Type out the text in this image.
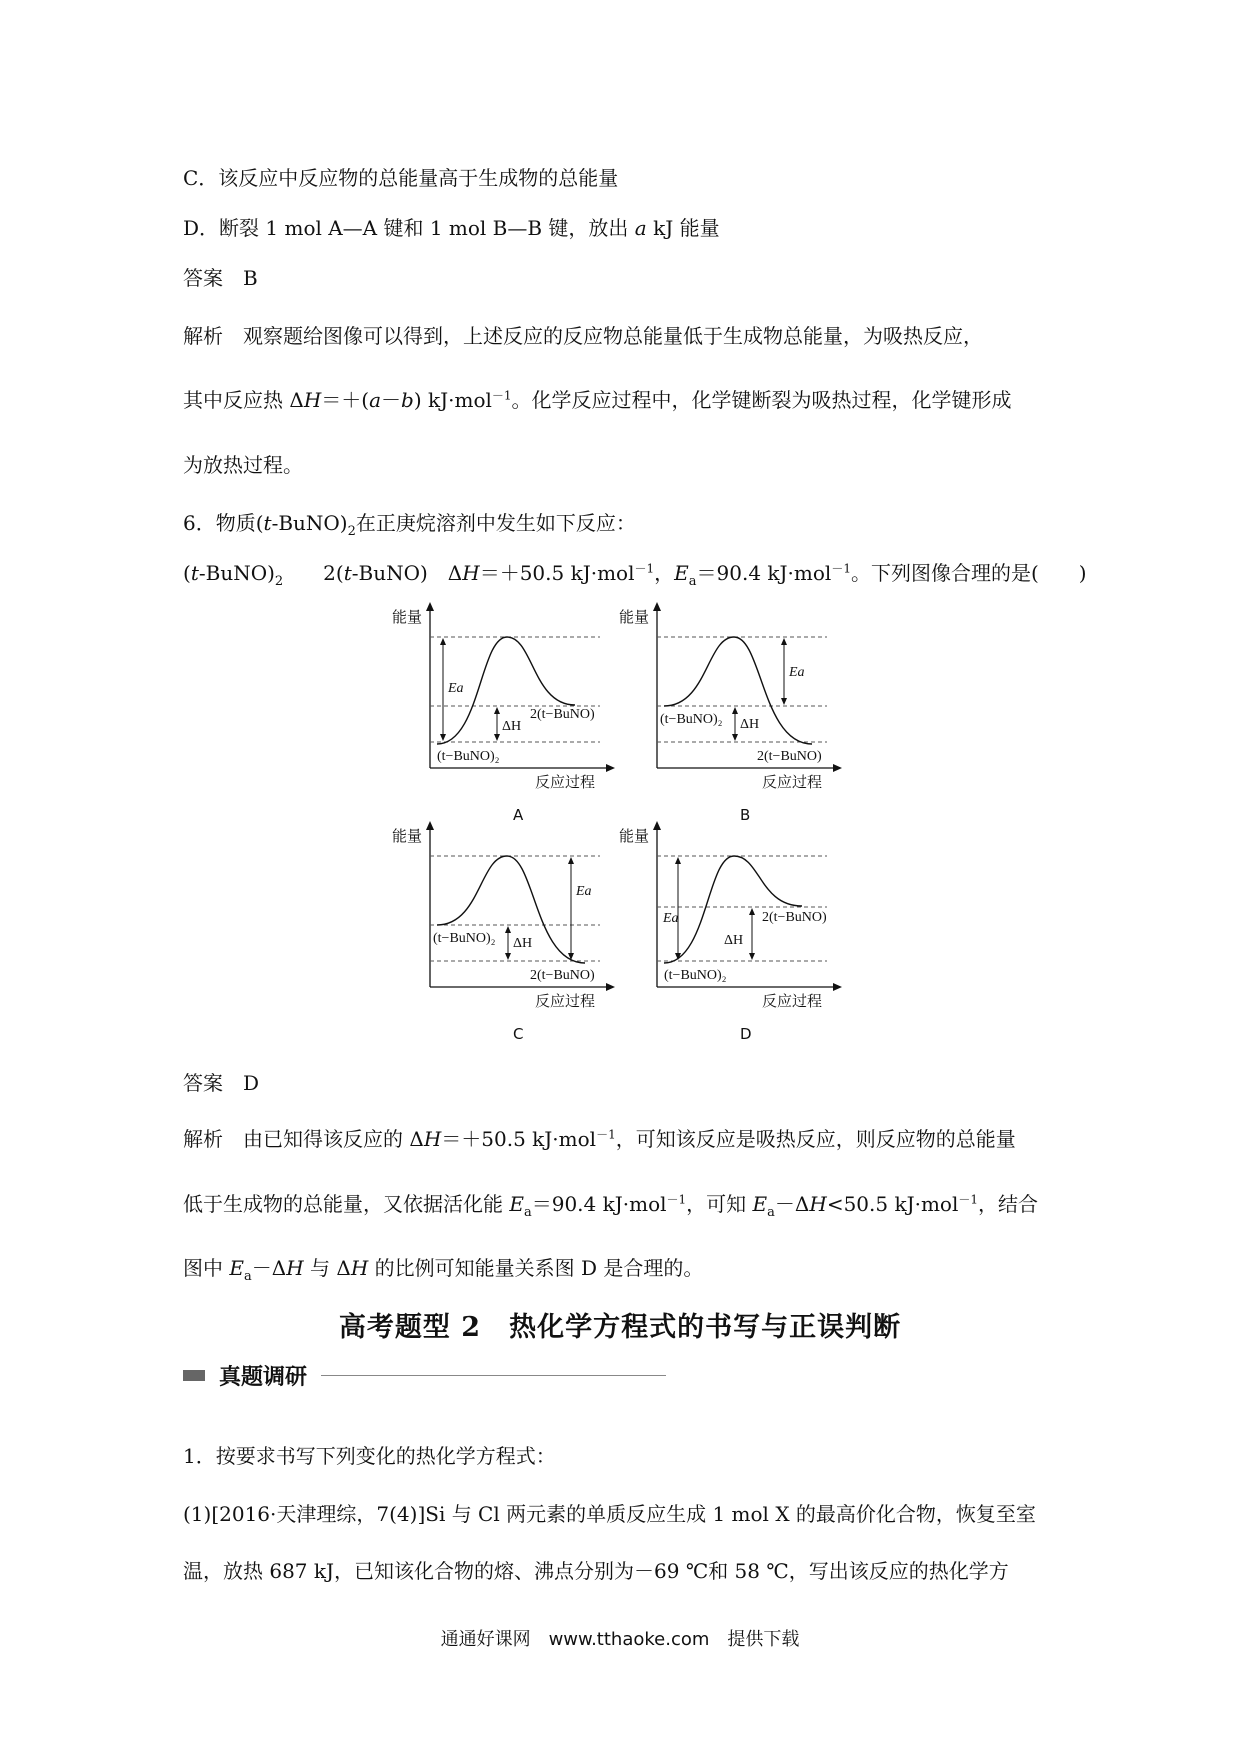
C．该反应中反应物的总能量高于生成物的总能量
D．断裂 1 mol A—A 键和 1 mol B—B 键，放出 a kJ 能量
答案　B
解析　观察题给图像可以得到，上述反应的反应物总能量低于生成物总能量，为吸热反应，
其中反应热 ΔH＝＋(a－b) kJ·mol$^{-1}$。化学反应过程中，化学键断裂为吸热过程，化学键形成
为放热过程。
6．物质$(t-BuNO)_2$在正庚烷溶剂中发生如下反应：
$(t-BuNO)_2$　　2(t-BuNO)　ΔH＝＋50.5 kJ·mol$^{-1}$，$E_a=90.4$ kJ·mol$^{-1}$。下列图像合理的是(　　)
能量
反应过程
Ea
ΔH
2(t−BuNO)
(t−BuNO)₂
A
能量
反应过程
Ea
ΔH
(t−BuNO)₂
2(t−BuNO)
B
能量
反应过程
Ea
ΔH
(t−BuNO)₂
2(t−BuNO)
C
能量
反应过程
Ea
ΔH
2(t−BuNO)
(t−BuNO)₂
D
答案　D
解析　由已知得该反应的 ΔH＝＋50.5 kJ·mol$^{-1}$，可知该反应是吸热反应，则反应物的总能量
低于生成物的总能量，又依据活化能 $E_a=90.4$ kJ·mol$^{-1}$，可知 $E_a-\Delta H<50.5$ kJ·mol$^{-1}$，结合
图中 $E_a-\Delta H$ 与 ΔH 的比例可知能量关系图 D 是合理的。
高考题型 2　热化学方程式的书写与正误判断
真题调研
1．按要求书写下列变化的热化学方程式：
(1)[2016·天津理综，7(4)]Si 与 Cl 两元素的单质反应生成 1 mol X 的最高价化合物，恢复至室
温，放热 687 kJ，已知该化合物的熔、沸点分别为－69 ℃和 58 ℃，写出该反应的热化学方
通通好课网　www.tthaoke.com　提供下载
